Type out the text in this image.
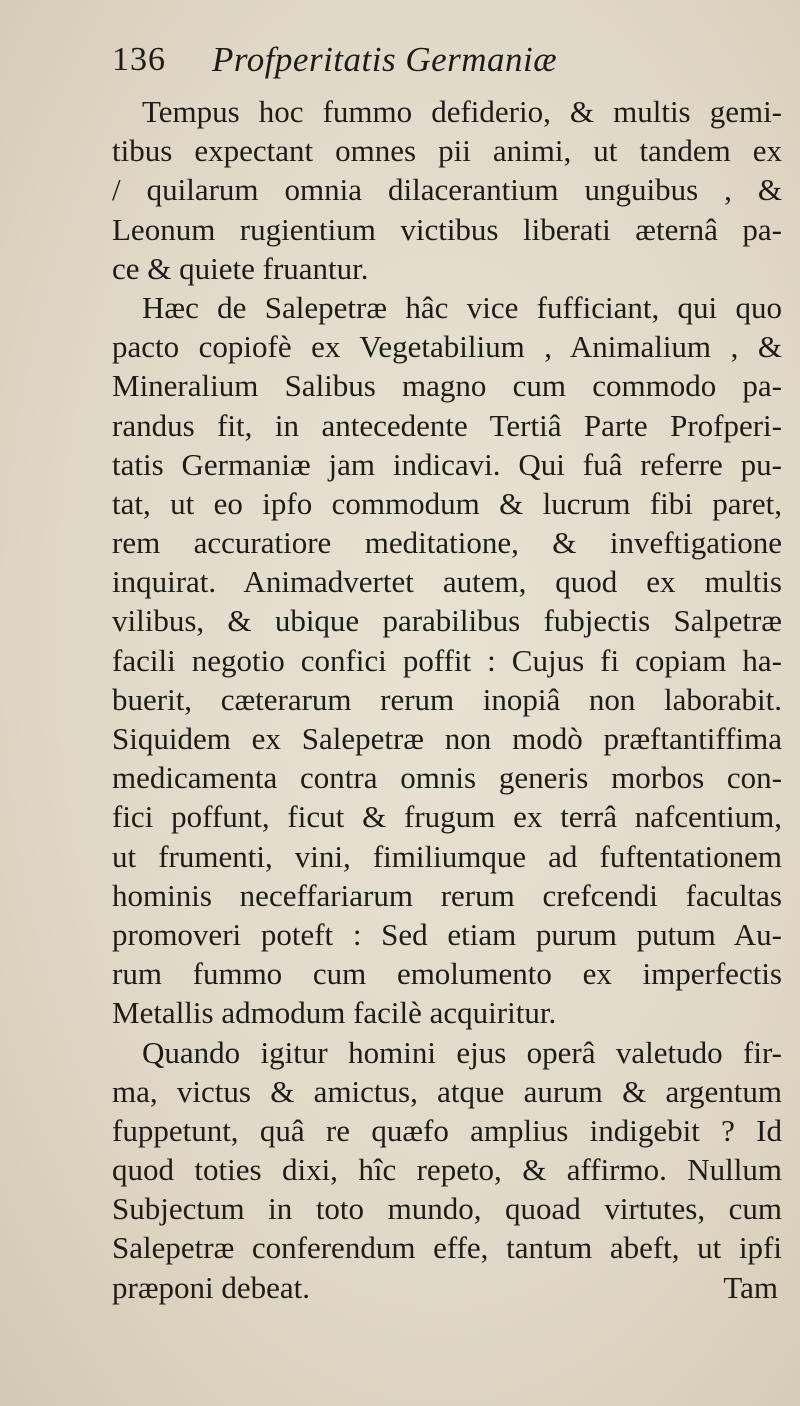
136 Profperitatis Germaniæ
Tempus hoc fummo defiderio, & multis gemi-
tibus expectant omnes pii animi, ut tandem ex
/ quilarum omnia dilacerantium unguibus , &
Leonum rugientium victibus liberati æternâ pa-
ce & quiete fruantur.
Hæc de Salepetræ hâc vice fufficiant, qui quo
pacto copiofè ex Vegetabilium , Animalium , &
Mineralium Salibus magno cum commodo pa-
randus fit, in antecedente Tertiâ Parte Profperi-
tatis Germaniæ jam indicavi. Qui fuâ referre pu-
tat, ut eo ipfo commodum & lucrum fibi paret,
rem accuratiore meditatione, & inveftigatione
inquirat. Animadvertet autem, quod ex multis
vilibus, & ubique parabilibus fubjectis Salpetræ
facili negotio confici poffit : Cujus fi copiam ha-
buerit, cæterarum rerum inopiâ non laborabit.
Siquidem ex Salepetræ non modò præftantiffima
medicamenta contra omnis generis morbos con-
fici poffunt, ficut & frugum ex terrâ nafcentium,
ut frumenti, vini, fimiliumque ad fuftentationem
hominis neceffariarum rerum crefcendi facultas
promoveri poteft : Sed etiam purum putum Au-
rum fummo cum emolumento ex imperfectis
Metallis admodum facilè acquiritur.
Quando igitur homini ejus operâ valetudo fir-
ma, victus & amictus, atque aurum & argentum
fuppetunt, quâ re quæfo amplius indigebit ? Id
quod toties dixi, hîc repeto, & affirmo. Nullum
Subjectum in toto mundo, quoad virtutes, cum
Salepetræ conferendum effe, tantum abeft, ut ipfi
præponi debeat.	Tam
